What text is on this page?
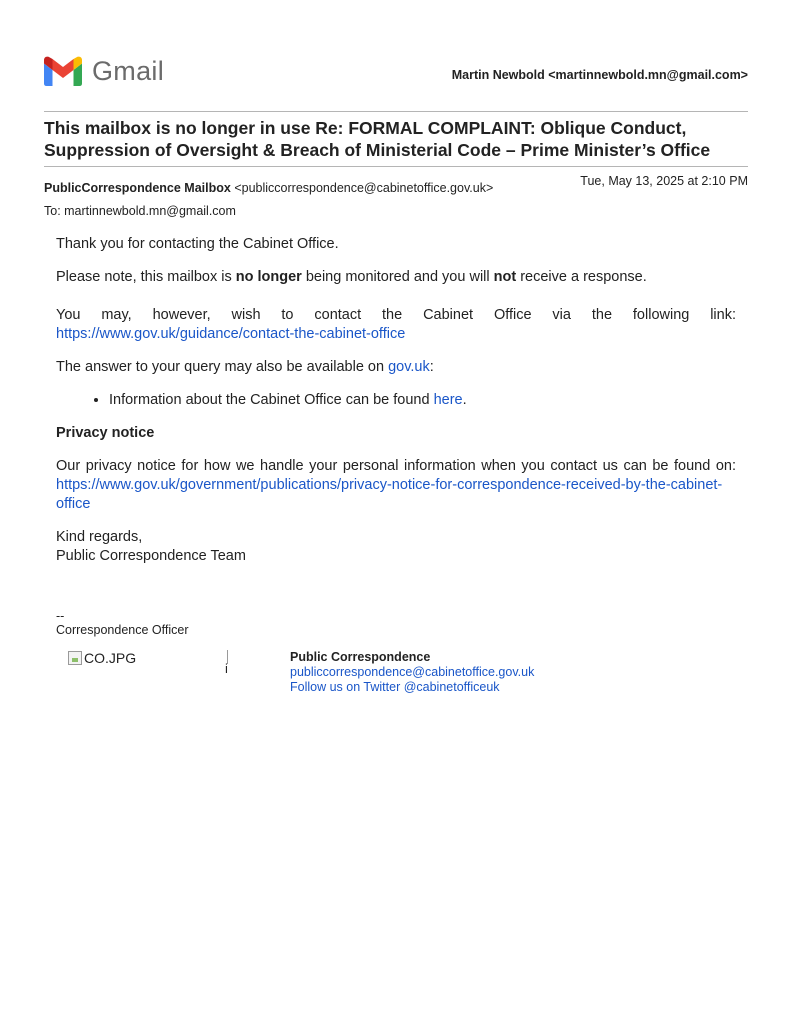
Gmail	Martin Newbold <martinnewbold.mn@gmail.com>
This mailbox is no longer in use Re: FORMAL COMPLAINT: Oblique Conduct, Suppression of Oversight & Breach of Ministerial Code – Prime Minister’s Office
PublicCorrespondence Mailbox <publiccorrespondence@cabinetoffice.gov.uk>	Tue, May 13, 2025 at 2:10 PM
To: martinnewbold.mn@gmail.com

Thank you for contacting the Cabinet Office.

Please note, this mailbox is no longer being monitored and you will not receive a response.

You may, however, wish to contact the Cabinet Office via the following link: https://www.gov.uk/guidance/contact-the-cabinet-office

The answer to your query may also be available on gov.uk:

• Information about the Cabinet Office can be found here.

Privacy notice

Our privacy notice for how we handle your personal information when you contact us can be found on: https://www.gov.uk/government/publications/privacy-notice-for-correspondence-received-by-the-cabinet-office

Kind regards,

Public Correspondence Team

--
Correspondence Officer
CO.JPG
i
Public Correspondence
publiccorrespondence@cabinetoffice.gov.uk
Follow us on Twitter @cabinetofficeuk
